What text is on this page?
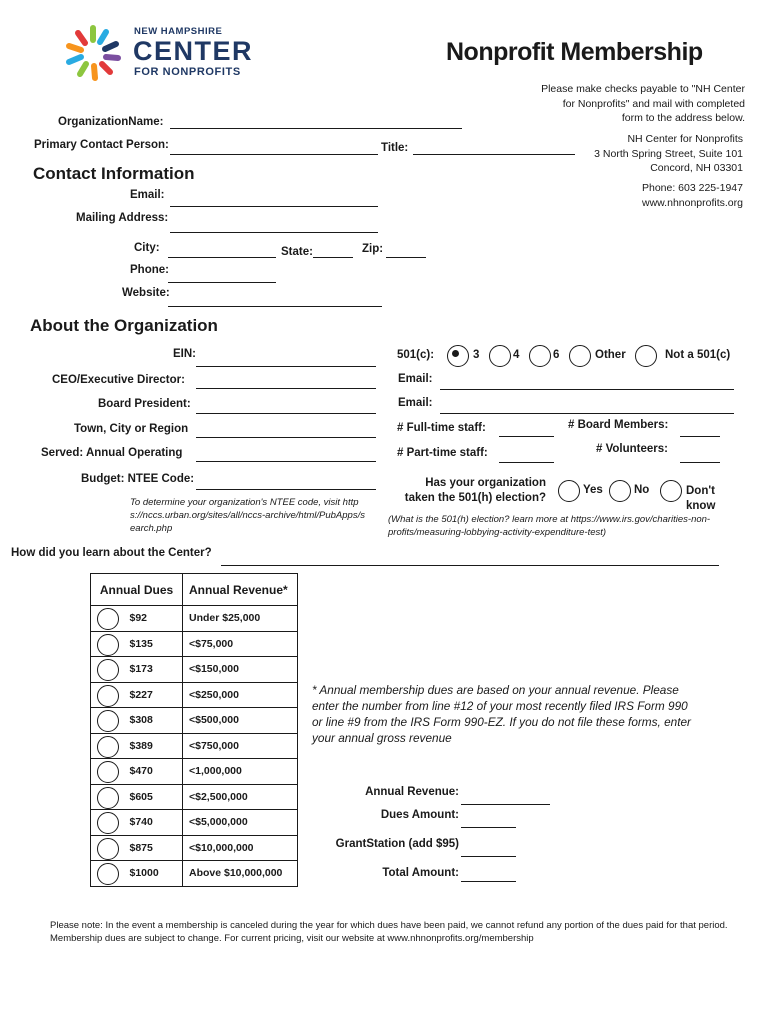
NEW HAMPSHIRE
CENTER
FOR NONPROFITS
Nonprofit Membership
Please make checks payable to "NH Center for Nonprofits" and mail with completed form to the address below.
NH Center for Nonprofits
3 North Spring Street, Suite 101
Concord, NH 03301
Phone: 603 225-1947
www.nhnonprofits.org
OrganizationName:
Primary Contact Person:	Title:
Contact Information
Email:
Mailing Address:
City:	State:	Zip:
Phone:
Website:
About the Organization
EIN:
CEO/Executive Director:
Board President:
Town, City or Region
Served: Annual Operating
Budget: NTEE Code:
To determine your organization's NTEE code, visit https://nccs.urban.org/sites/all/nccs-archive/html/PubApps/search.php
501(c):	3	4	6	Other	Not a 501(c)
Email:
Email:
# Full-time staff:
# Part-time staff:
# Board Members:
# Volunteers:
Has your organization
taken the 501(h) election?
Yes	No	Don't
know
(What is the 501(h) election? learn more at https://www.irs.gov/charities-non-profits/measuring-lobbying-activity-expenditure-test)
How did you learn about the Center?
Annual Dues		Annual Revenue*

	$92	Under $25,000

	$135	<$75,000

	$173	<$150,000

	$227	<$250,000

	$308	<$500,000

	$389	<$750,000

	$470	<1,000,000

	$605	<$2,500,000

	$740	<$5,000,000

	$875	<$10,000,000

	$1000	Above $10,000,000
* Annual membership dues are based on your annual revenue. Please enter the number from line #12 of your most recently filed IRS Form 990 or line #9 from the IRS Form 990-EZ. If you do not file these forms, enter your annual gross revenue
Annual Revenue:
Dues Amount:
GrantStation (add $95)
Total Amount:
Please note: In the event a membership is canceled during the year for which dues have been paid, we cannot refund any portion of the dues paid for that period. Membership dues are subject to change. For current pricing, visit our website at www.nhnonprofits.org/membership
